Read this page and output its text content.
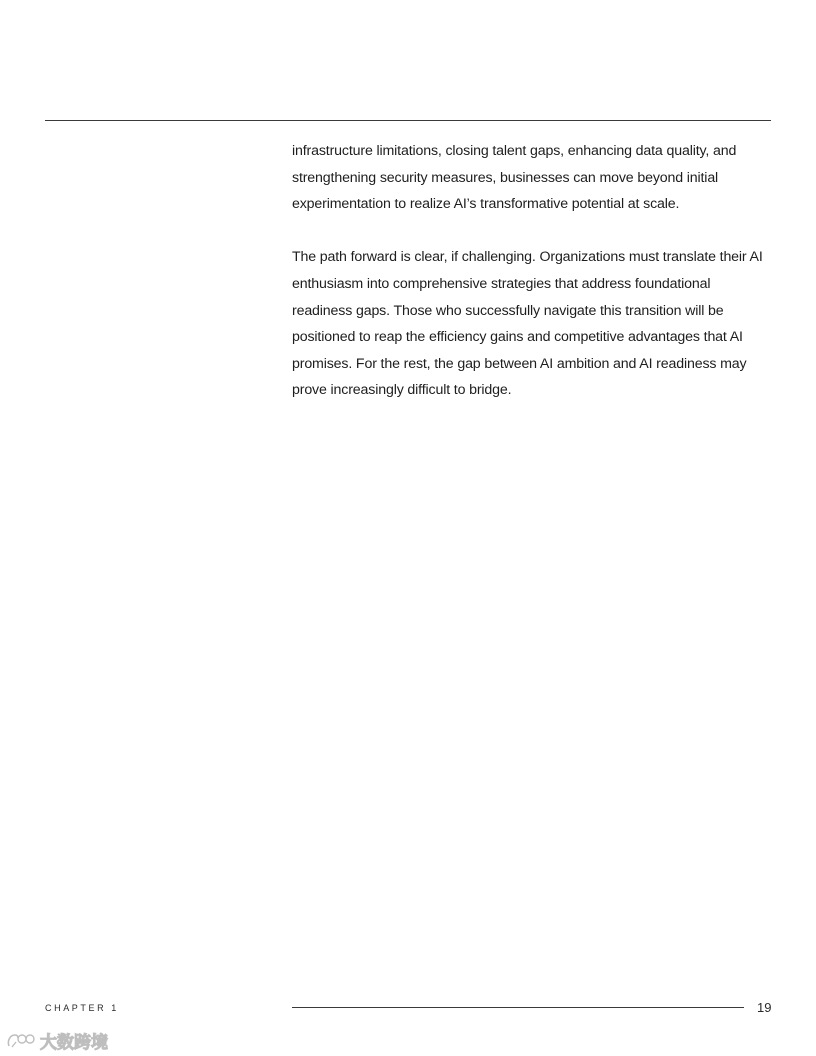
infrastructure limitations, closing talent gaps, enhancing data quality, and strengthening security measures, businesses can move beyond initial experimentation to realize AI’s transformative potential at scale.

The path forward is clear, if challenging. Organizations must translate their AI enthusiasm into comprehensive strategies that address foundational readiness gaps. Those who successfully navigate this transition will be positioned to reap the efficiency gains and competitive advantages that AI promises. For the rest, the gap between AI ambition and AI readiness may prove increasingly difficult to bridge.

CHAPTER 1	19
大数跨境
